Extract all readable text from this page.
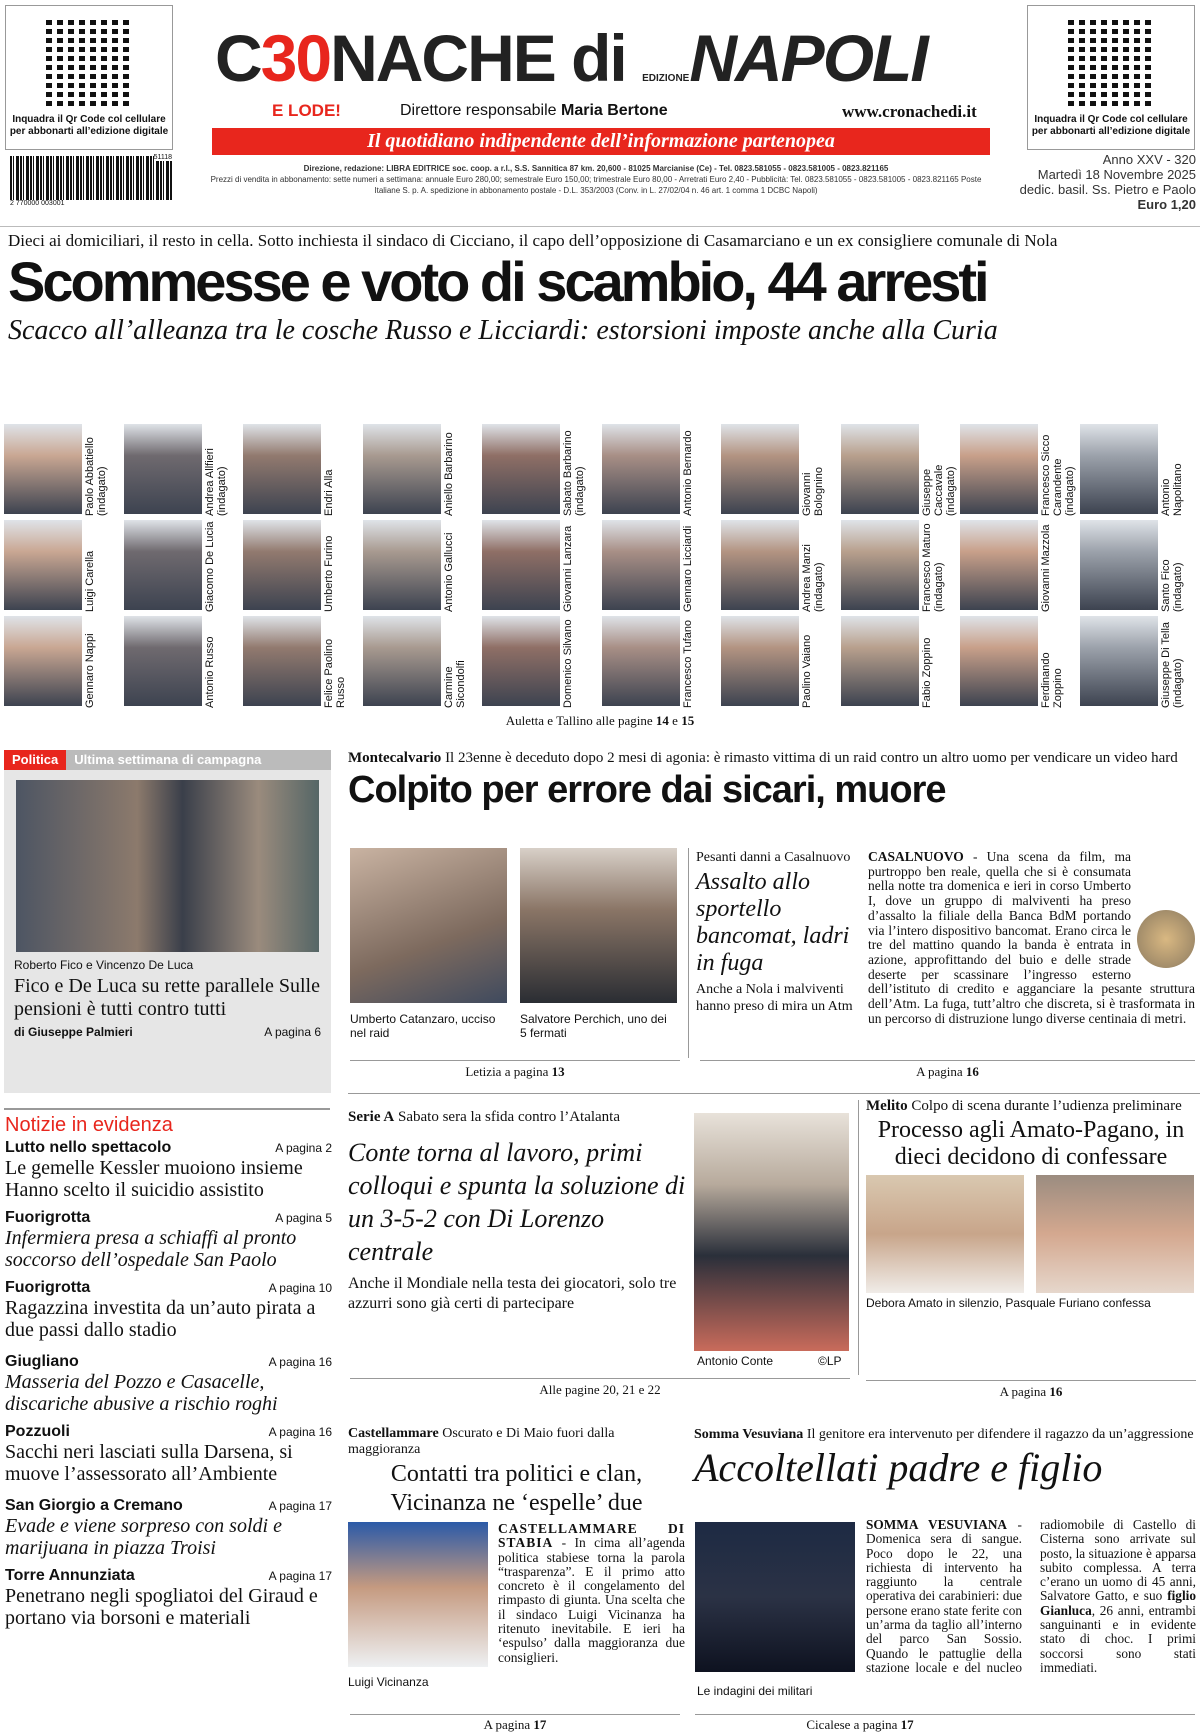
Inquadra il Qr Code col cellulare per abbonarti all’edizione digitale
51118
2 770000 003001
C30NACHE di EDIZIONENAPOLI
E LODE!	Direttore responsabile Maria Bertone	www.cronachedi.it
Il quotidiano indipendente dell’informazione partenopea
Direzione, redazione: LIBRA EDITRICE soc. coop. a r.l., S.S. Sannitica 87 km. 20,600 - 81025 Marcianise (Ce) - Tel. 0823.581055 - 0823.581005 - 0823.821165
Prezzi di vendita in abbonamento: sette numeri a settimana: annuale Euro 280,00; semestrale Euro 150,00; trimestrale Euro 80,00 - Arretrati Euro 2,40 - Pubblicità: Tel. 0823.581055 - 0823.581005 - 0823.821165 Poste Italiane S. p. A. spedizione in abbonamento postale - D.L. 353/2003 (Conv. in L. 27/02/04 n. 46 art. 1 comma 1 DCBC Napoli)
Inquadra il Qr Code col cellulare per abbonarti all’edizione digitale
Anno XXV - 320
Martedì 18 Novembre 2025
dedic. basil. Ss. Pietro e Paolo
Euro 1,20
Dieci ai domiciliari, il resto in cella. Sotto inchiesta il sindaco di Cicciano, il capo dell’opposizione di Casamarciano e un ex consigliere comunale di Nola
Scommesse e voto di scambio, 44 arresti
Scacco all’alleanza tra le cosche Russo e Licciardi: estorsioni imposte anche alla Curia
Paolo Abbatiello (indagato)	Andrea Allfieri (indagato)	Endri Alla	Aniello Barbarino	Sabato Barbarino (indagato)	Antonio Bernardo	Giovanni Bolognino	Giuseppe Caccavale (indagato)	Francesco Sicco Carandente (indagato)	Antonio Napolitano
Luigi Carella	Giacomo De Lucia	Umberto Furino	Antonio Gallucci	Giovanni Lanzara	Gennaro Licciardi	Andrea Manzi (indagato)	Francesco Maturo (indagato)	Giovanni Mazzola	Santo Fico (indagato)
Gennaro Nappi	Antonio Russo	Felice Paolino Russo	Carmine Sicondolfi	Domenico Silvano	Francesco Tufano	Paolino Vaiano	Fabio Zoppino	Ferdinando Zoppino	Giuseppe Di Tella (indagato)
Auletta e Tallino alle pagine 14 e 15
Politica	Ultima settimana di campagna
Roberto Fico e Vincenzo De Luca
Fico e De Luca su rette parallele Sulle pensioni è tutti contro tutti
di Giuseppe Palmieri	A pagina 6
Montecalvario Il 23enne è deceduto dopo 2 mesi di agonia: è rimasto vittima di un raid contro un altro uomo per vendicare un video hard
Colpito per errore dai sicari, muore
Umberto Catanzaro, ucciso nel raid
Salvatore Perchich, uno dei 5 fermati
Letizia a pagina 13
Pesanti danni a Casalnuovo
Assalto allo sportello bancomat, ladri in fuga
Anche a Nola i malviventi hanno preso di mira un Atm
CASALNUOVO - Una scena da film, ma purtroppo ben reale, quella che si è consumata nella notte tra domenica e ieri in corso Umberto I, dove un gruppo di malviventi ha preso d’assalto la filiale della Banca BdM portando via l’intero dispositivo bancomat. Erano circa le tre del mattino quando la banda è entrata in azione, approfittando del buio e delle strade deserte per scassinare l’ingresso esterno dell’istituto di credito e agganciare la pesante struttura dell’Atm. La fuga, tutt’altro che discreta, si è trasformata in un percorso di distruzione lungo diverse centinaia di metri.
A pagina 16
Notizie in evidenza
Lutto nello spettacolo	A pagina 2
Le gemelle Kessler muoiono insieme Hanno scelto il suicidio assistito
Fuorigrotta	A pagina 5
Infermiera presa a schiaffi al pronto soccorso dell’ospedale San Paolo
Fuorigrotta	A pagina 10
Ragazzina investita da un’auto pirata a due passi dallo stadio
Giugliano	A pagina 16
Masseria del Pozzo e Casacelle, discariche abusive a rischio roghi
Pozzuoli	A pagina 16
Sacchi neri lasciati sulla Darsena, si muove l’assessorato all’Ambiente
San Giorgio a Cremano	A pagina 17
Evade e viene sorpreso con soldi e marijuana in piazza Troisi
Torre Annunziata	A pagina 17
Penetrano negli spogliatoi del Giraud e portano via borsoni e materiali
Serie A Sabato sera la sfida contro l’Atalanta
Conte torna al lavoro, primi colloqui e spunta la soluzione di un 3-5-2 con Di Lorenzo centrale
Anche il Mondiale nella testa dei giocatori, solo tre azzurri sono già certi di partecipare
Antonio Conte	©LP
Alle pagine 20, 21 e 22
Melito Colpo di scena durante l’udienza preliminare
Processo agli Amato-Pagano, in dieci decidono di confessare
Debora Amato in silenzio, Pasquale Furiano confessa
A pagina 16
Castellammare Oscurato e Di Maio fuori dalla maggioranza
Contatti tra politici e clan, Vicinanza ne ‘espelle’ due
Luigi Vicinanza
CASTELLAMMARE DI STABIA - In cima all’agenda politica stabiese torna la parola “trasparenza”. E il primo atto concreto è il congelamento del rimpasto di giunta. Una scelta che il sindaco Luigi Vicinanza ha ritenuto inevitabile. E ieri ha ‘espulso’ dalla maggioranza due consiglieri.
A pagina 17
Somma Vesuviana Il genitore era intervenuto per difendere il ragazzo da un’aggressione
Accoltellati padre e figlio
Le indagini dei militari
SOMMA VESUVIANA - Domenica sera di sangue. Poco dopo le 22, una richiesta di intervento ha raggiunto la centrale operativa dei carabinieri: due persone erano state ferite con un’arma da taglio all’interno del parco San Sossio. Quando le pattuglie della stazione locale e del nucleo radiomobile di Castello di Cisterna sono arrivate sul posto, la situazione è apparsa subito complessa. A terra c’erano un uomo di 45 anni, Salvatore Gatto, e suo figlio Gianluca, 26 anni, entrambi sanguinanti e in evidente stato di choc. I primi soccorsi sono stati immediati.
Cicalese a pagina 17
